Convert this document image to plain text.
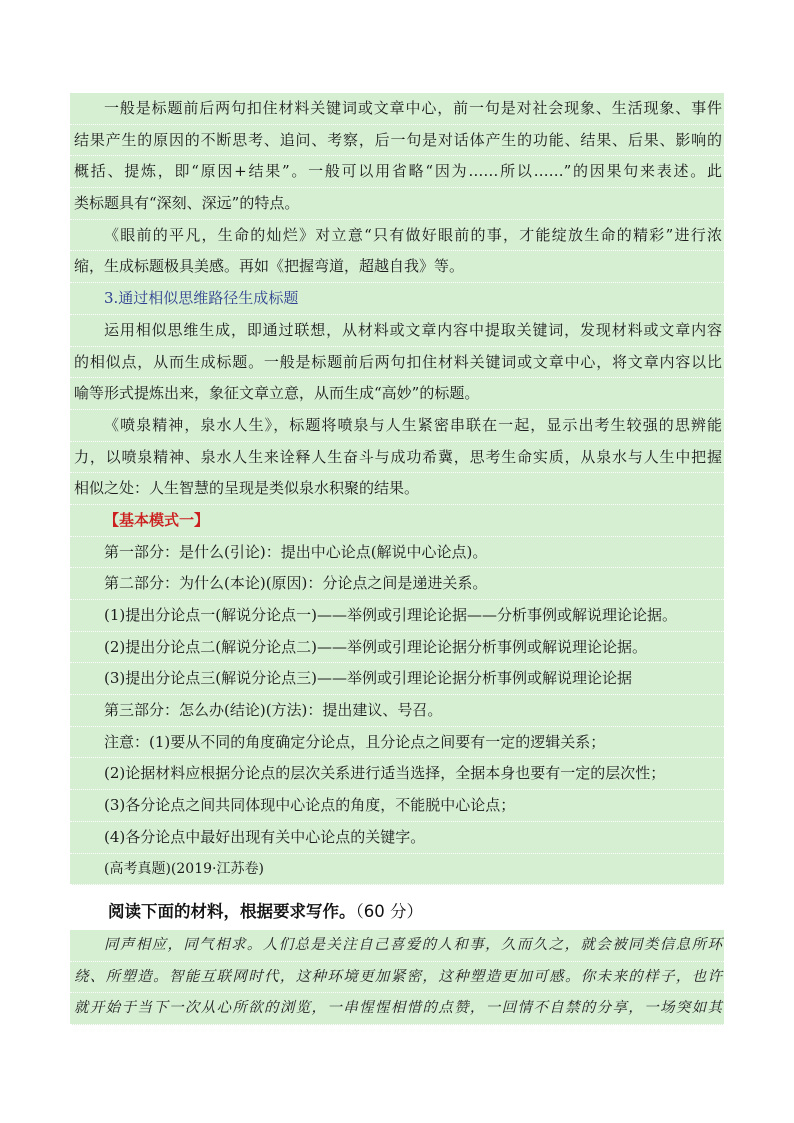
一般是标题前后两句扣住材料关键词或文章中心，前一句是对社会现象、生活现象、事件
结果产生的原因的不断思考、追问、考察，后一句是对话体产生的功能、结果、后果、影响的
概括、提炼，即“原因+结果”。一般可以用省略“因为……所以……”的因果句来表述。此
类标题具有“深刻、深远”的特点。
《眼前的平凡，生命的灿烂》对立意“只有做好眼前的事，才能绽放生命的精彩”进行浓
缩，生成标题极具美感。再如《把握弯道，超越自我》等。
3.通过相似思维路径生成标题
运用相似思维生成，即通过联想，从材料或文章内容中提取关键词，发现材料或文章内容
的相似点，从而生成标题。一般是标题前后两句扣住材料关键词或文章中心，将文章内容以比
喻等形式提炼出来，象征文章立意，从而生成“高妙”的标题。
《喷泉精神，泉水人生》，标题将喷泉与人生紧密串联在一起，显示出考生较强的思辨能
力，以喷泉精神、泉水人生来诠释人生奋斗与成功希冀，思考生命实质，从泉水与人生中把握
相似之处：人生智慧的呈现是类似泉水积聚的结果。
【基本模式一】
第一部分：是什么(引论)：提出中心论点(解说中心论点)。
第二部分：为什么(本论)(原因)：分论点之间是递进关系。
(1)提出分论点一(解说分论点一)——举例或引理论论据——分析事例或解说理论论据。
(2)提出分论点二(解说分论点二)——举例或引理论论据分析事例或解说理论论据。
(3)提出分论点三(解说分论点三)——举例或引理论论据分析事例或解说理论论据
第三部分：怎么办(结论)(方法)：提出建议、号召。
注意：(1)要从不同的角度确定分论点，且分论点之间要有一定的逻辑关系；
(2)论据材料应根据分论点的层次关系进行适当选择，全据本身也要有一定的层次性；
(3)各分论点之间共同体现中心论点的角度，不能脱中心论点；
(4)各分论点中最好出现有关中心论点的关键字。
(高考真题)(2019·江苏卷)
阅读下面的材料，根据要求写作。（60 分）
同声相应，同气相求。人们总是关注自己喜爱的人和事，久而久之，就会被同类信息所环
绕、所塑造。智能互联网时代，这种环境更加紧密，这种塑造更加可感。你未来的样子，也许
就开始于当下一次从心所欲的浏览，一串惺惺相惜的点赞，一回情不自禁的分享，一场突如其
